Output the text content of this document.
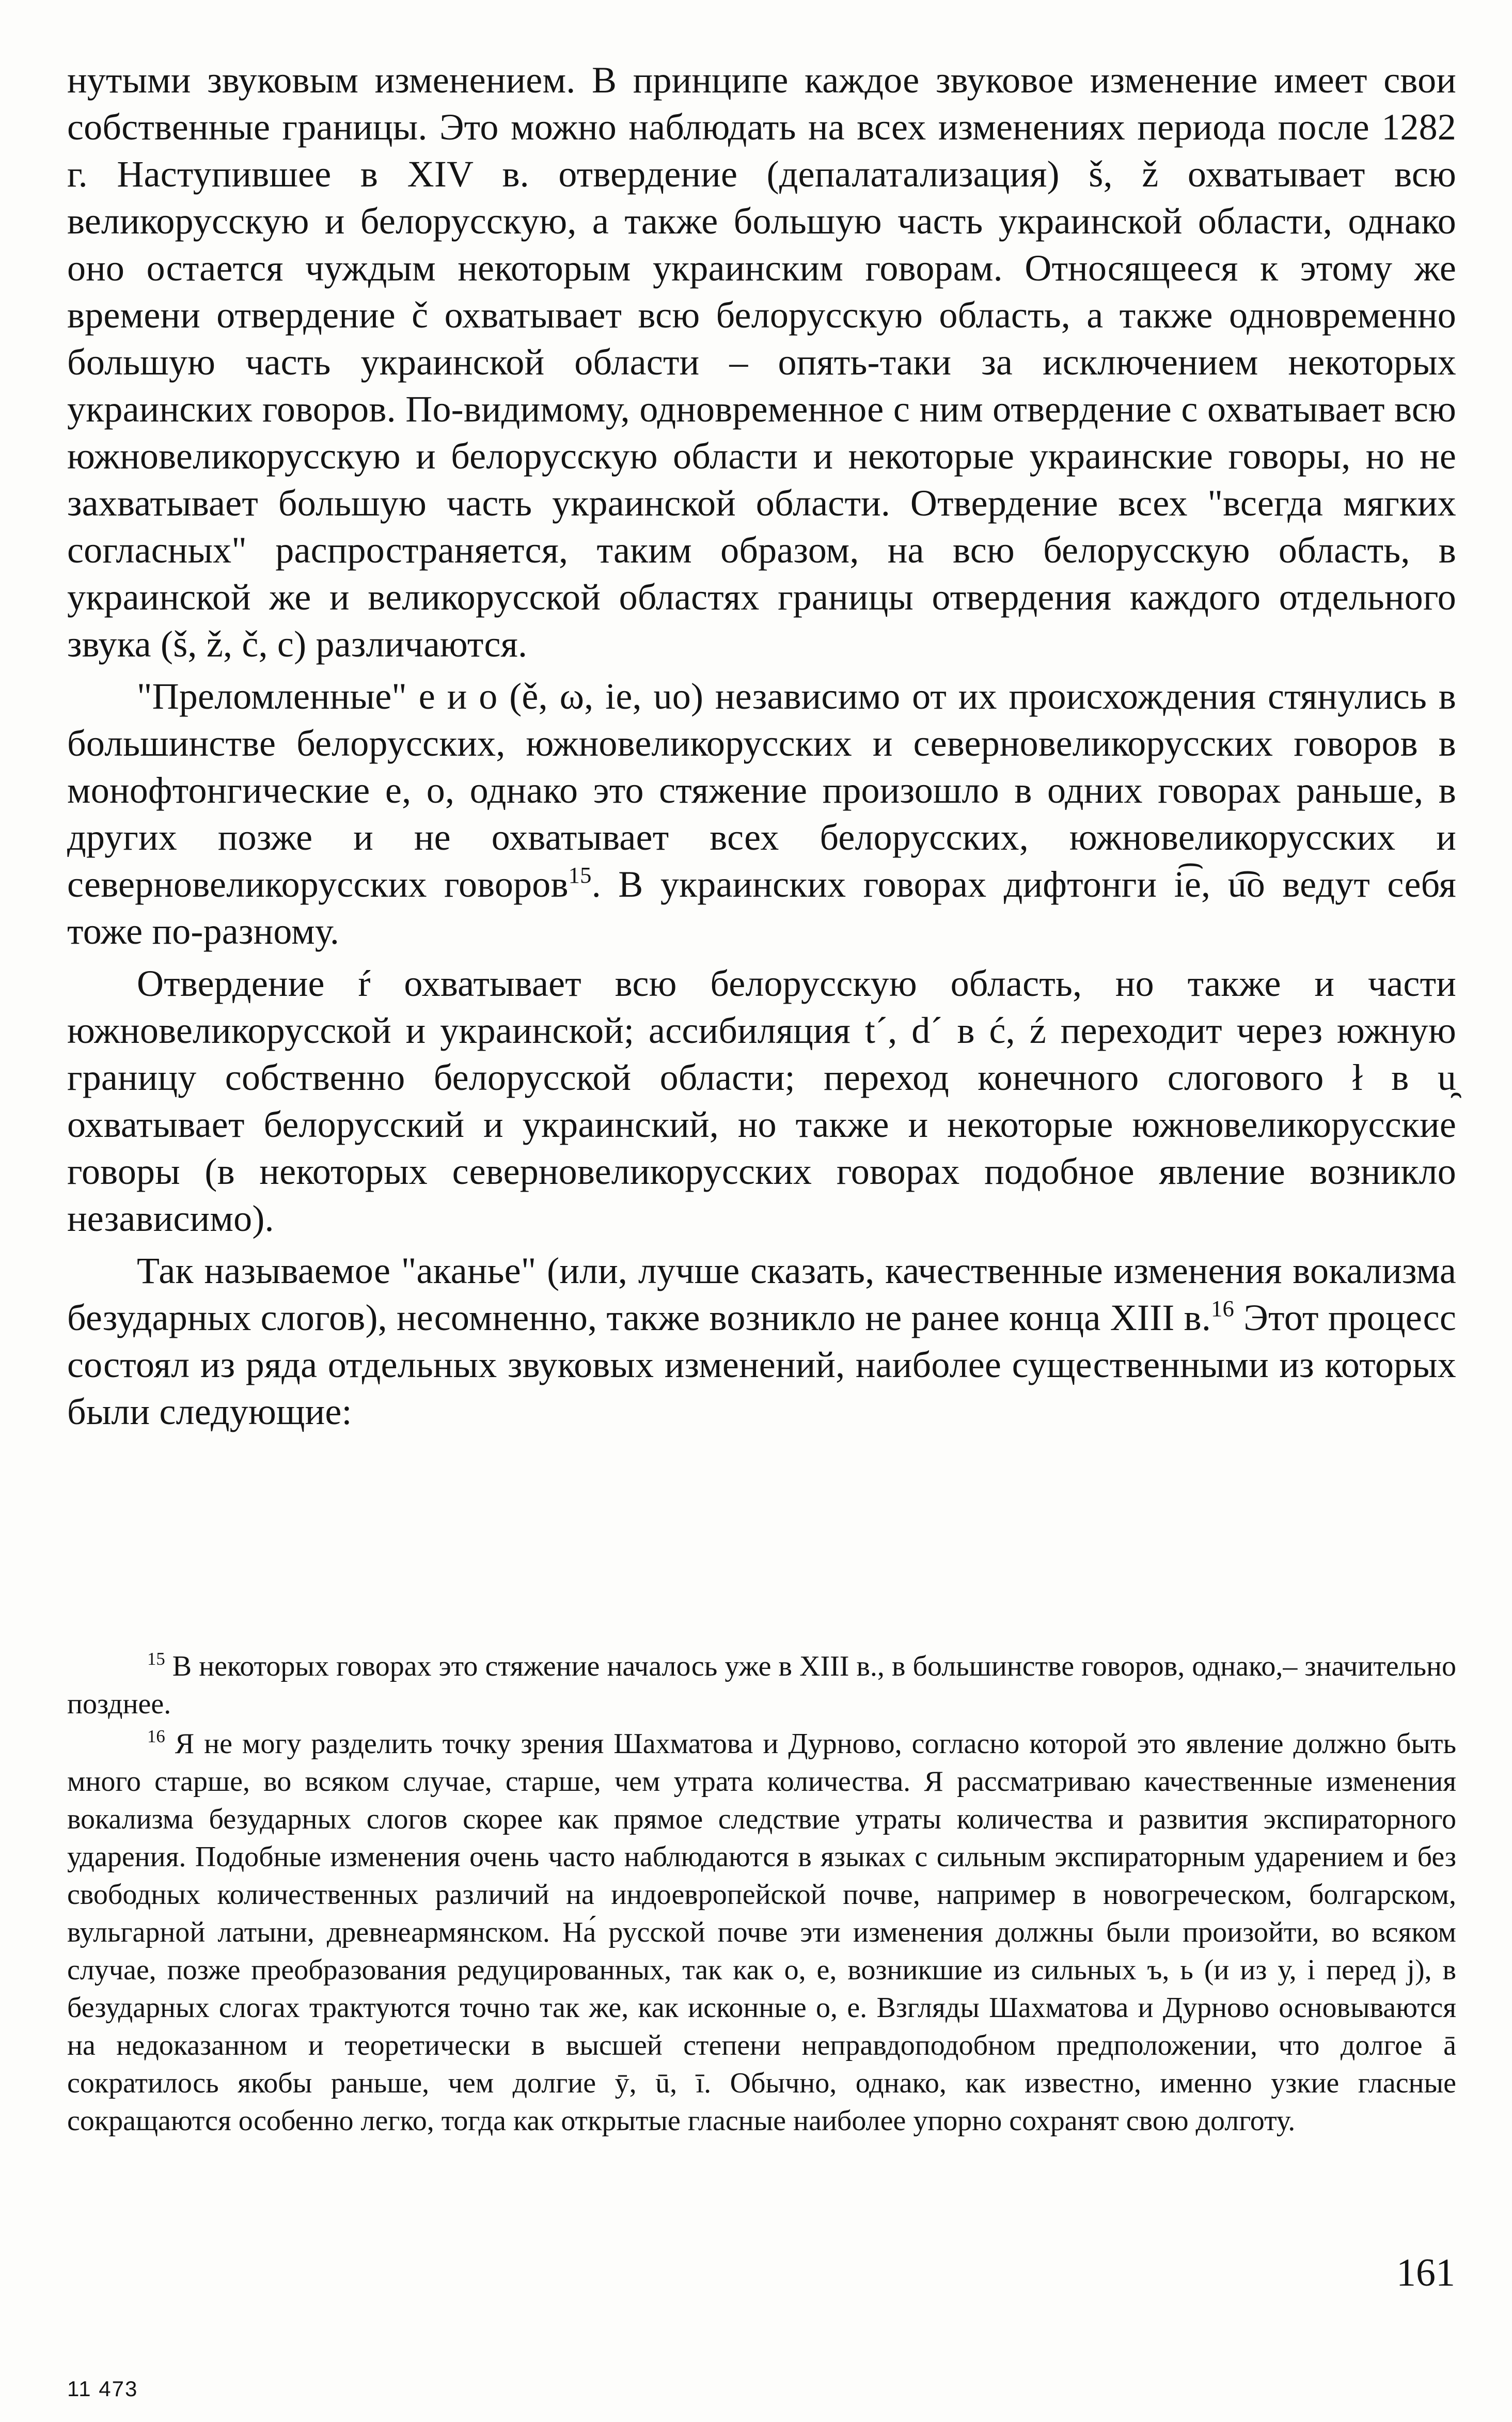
нутыми звуковым изменением. В принципе каждое звуковое изменение имеет свои собственные границы. Это можно наблюдать на всех изменениях периода после 1282 г. Наступившее в XIV в. отвердение (депалатализация) š, ž охватывает всю великорусскую и белорусскую, а также большую часть украинской области, однако оно остается чуждым некоторым украинским говорам. Относящееся к этому же времени отвердение č охватывает всю белорусскую область, а также одновременно большую часть украинской области – опять-таки за исключением некоторых украинских говоров. По-видимому, одновременное с ним отвердение с охватывает всю южновеликорусскую и белорусскую области и некоторые украинские говоры, но не захватывает большую часть украинской области. Отвердение всех "всегда мягких согласных" распространяется, таким образом, на всю белорусскую область, в украинской же и великорусской областях границы отвердения каждого отдельного звука (š, ž, č, c) различаются.

"Преломленные" е и о (ě, ω, ie, uo) независимо от их происхождения стянулись в большинстве белорусских, южновеликорусских и северновеликорусских говоров в монофтонгические е, о, однако это стяжение произошло в одних говорах раньше, в других позже и не охватывает всех белорусских, южновеликорусских и северновеликорусских говоров$^{15}$. В украинских говорах дифтонги i͡e, u͡o ведут себя тоже по-разному.

Отвердение ŕ охватывает всю белорусскую область, но также и части южновеликорусской и украинской; ассибиляция t´, d´ в ć, ź переходит через южную границу собственно белорусской области; переход конечного слогового ł в u̯ охватывает белорусский и украинский, но также и некоторые южновеликорусские говоры (в некоторых северновеликорусских говорах подобное явление возникло независимо).

Так называемое "аканье" (или, лучше сказать, качественные изменения вокализма безударных слогов), несомненно, также возникло не ранее конца XIII в.$^{16}$ Этот процесс состоял из ряда отдельных звуковых изменений, наиболее существенными из которых были следующие:

$^{15}$ В некоторых говорах это стяжение началось уже в XIII в., в большинстве говоров, однако,– значительно позднее.

$^{16}$ Я не могу разделить точку зрения Шахматова и Дурново, согласно которой это явление должно быть много старше, во всяком случае, старше, чем утрата количества. Я рассматриваю качественные изменения вокализма безударных слогов скорее как прямое следствие утраты количества и развития экспираторного ударения. Подобные изменения очень часто наблюдаются в языках с сильным экспираторным ударением и без свободных количественных различий на индоевропейской почве, например в новогреческом, болгарском, вульгарной латыни, древнеармянском. На́ русской почве эти изменения должны были произойти, во всяком случае, позже преобразования редуцированных, так как о, е, возникшие из сильных ъ, ь (и из у, i перед j), в безударных слогах трактуются точно так же, как исконные о, е. Взгляды Шахматова и Дурново основываются на недоказанном и теоретически в высшей степени неправдоподобном предположении, что долгое ā сократилось якобы раньше, чем долгие ȳ, ū, ī. Обычно, однако, как известно, именно узкие гласные сокращаются особенно легко, тогда как открытые гласные наиболее упорно сохранят свою долготу.

161
11 473
